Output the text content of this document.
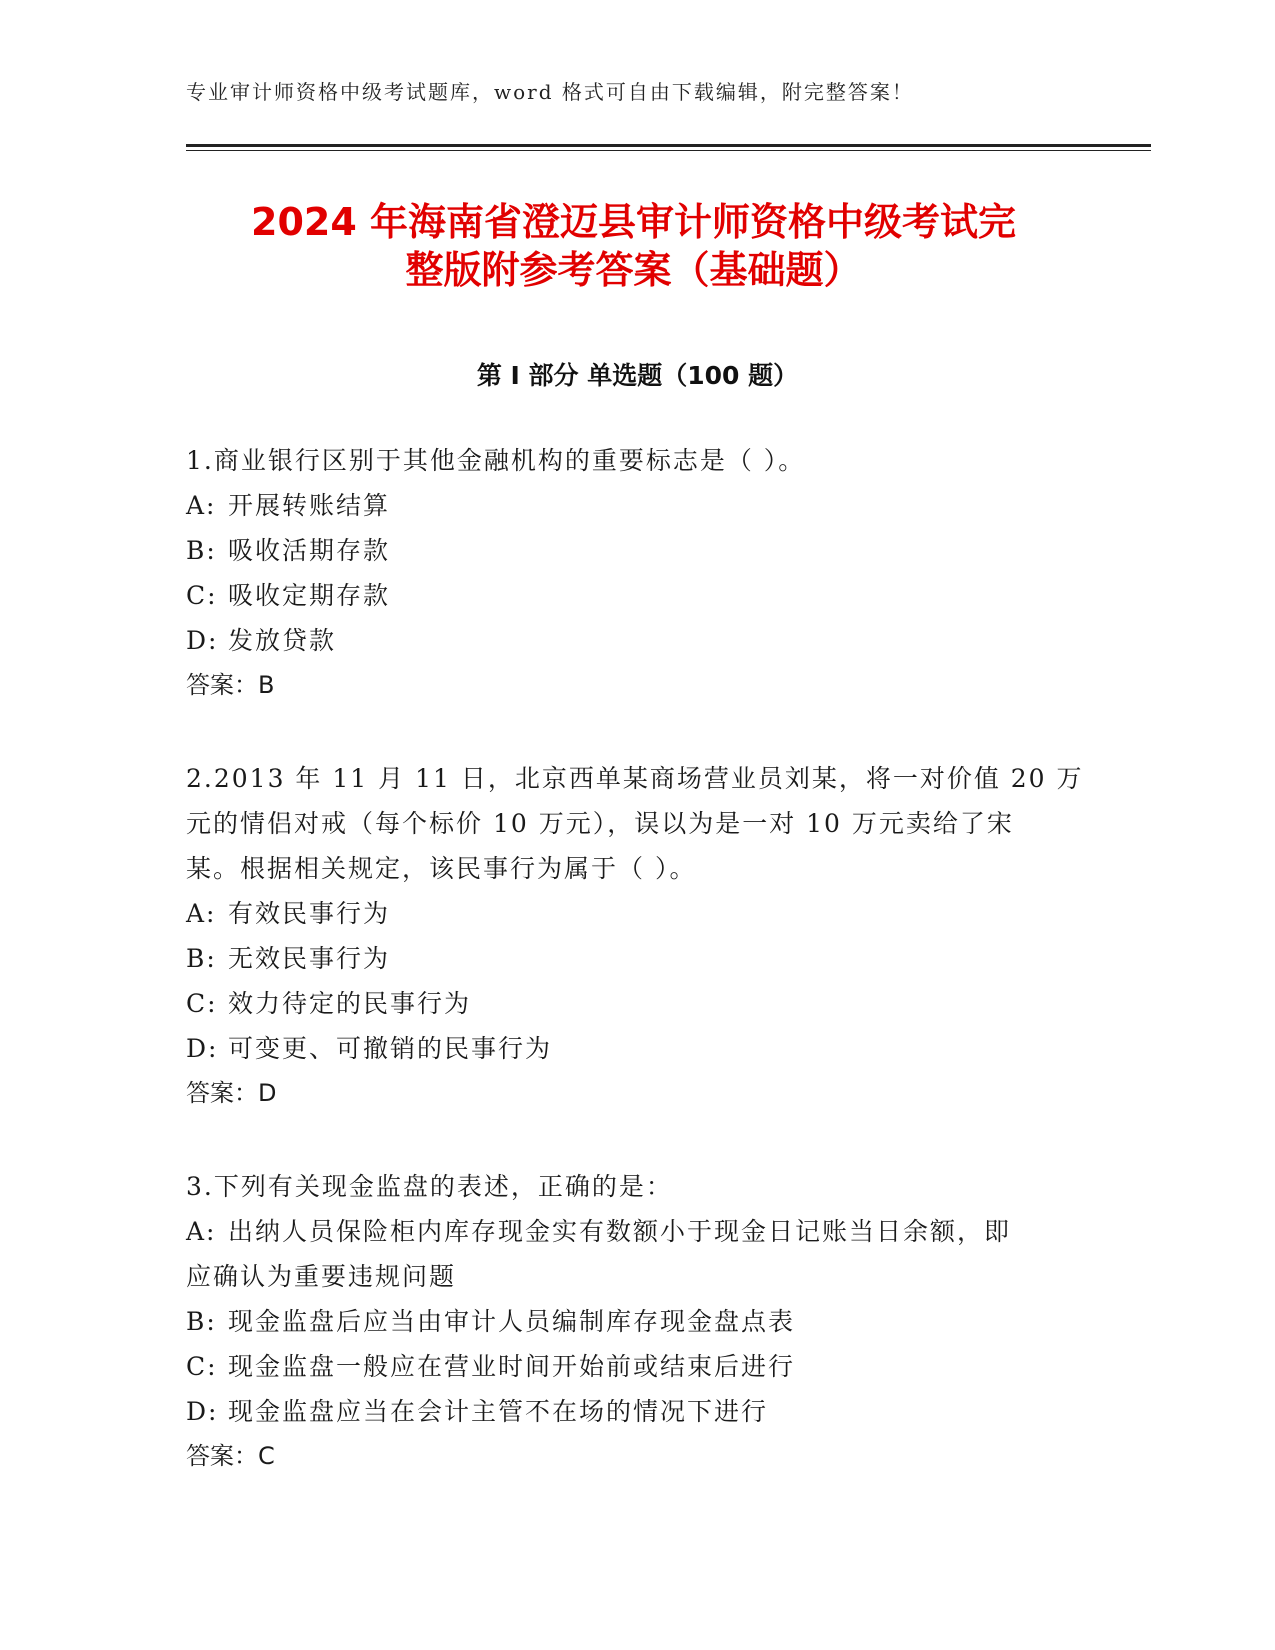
专业审计师资格中级考试题库，word 格式可自由下载编辑，附完整答案！
2024 年海南省澄迈县审计师资格中级考试完
整版附参考答案（基础题）
第 I 部分 单选题（100 题）

1.商业银行区别于其他金融机构的重要标志是（ ）。

A: 开展转账结算

B: 吸收活期存款

C: 吸收定期存款

D: 发放贷款

答案：B

2.2013 年 11 月 11 日，北京西单某商场营业员刘某，将一对价值 20 万

元的情侣对戒（每个标价 10 万元），误以为是一对 10 万元卖给了宋

某。根据相关规定，该民事行为属于（ ）。

A: 有效民事行为

B: 无效民事行为

C: 效力待定的民事行为

D: 可变更、可撤销的民事行为

答案：D

3.下列有关现金监盘的表述，正确的是：

A: 出纳人员保险柜内库存现金实有数额小于现金日记账当日余额，即

应确认为重要违规问题

B: 现金监盘后应当由审计人员编制库存现金盘点表

C: 现金监盘一般应在营业时间开始前或结束后进行

D: 现金监盘应当在会计主管不在场的情况下进行

答案：C
